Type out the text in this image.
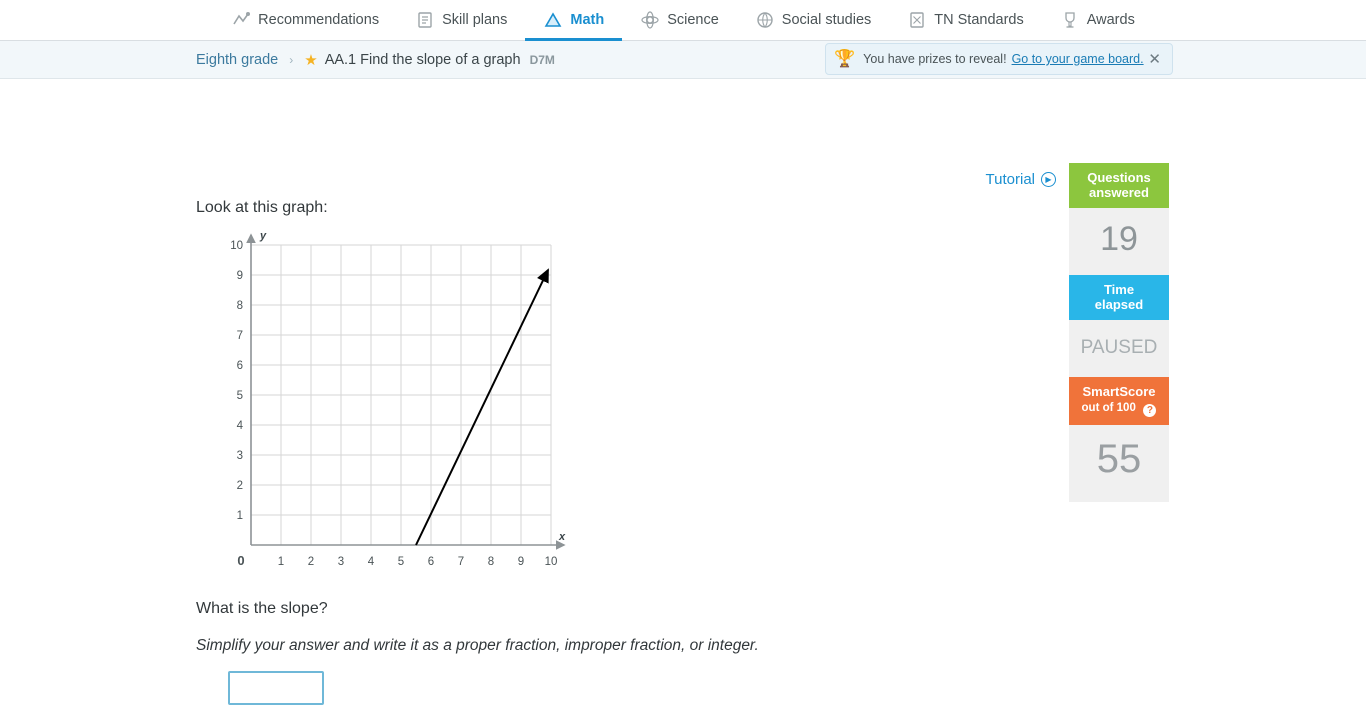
Recommendations	Skill plans	Math	Science	Social studies	TN Standards	Awards
Eighth grade › ★ AA.1 Find the slope of a graph D7M	🏆 You have prizes to reveal! Go to your game board. ✕
Tutorial	▶
Look at this graph:
y
x
10
9
8
7
6
5
4
3
2
1
0	1 2 3 4 5 6 7 8 9 10
What is the slope?
Simplify your answer and write it as a proper fraction, improper fraction, or integer.
Questions
answered
19
Time
elapsed
PAUSED
SmartScore
out of 100 ?
55
